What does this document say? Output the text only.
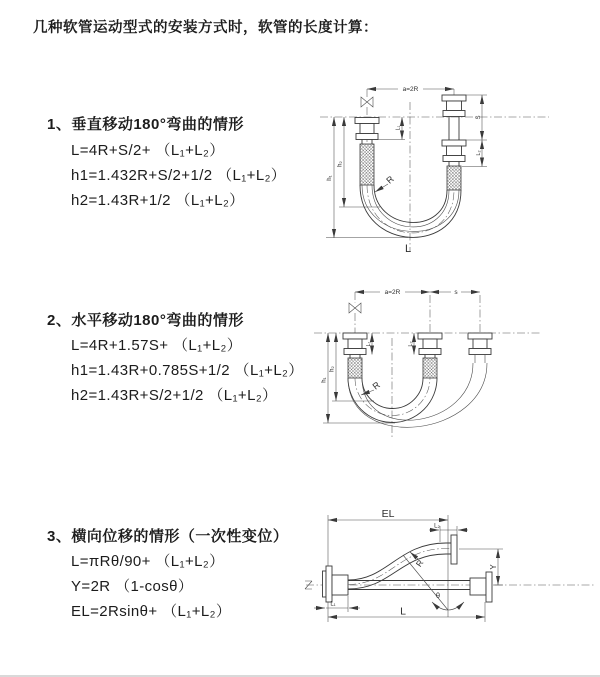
几种软管运动型式的安装方式时，软管的长度计算：
1、垂直移动180°弯曲的情形
L=4R+S/2+ （L₁+L₂）
h1=1.432R+S/2+1/2 （L₁+L₂）
h2=1.43R+1/2 （L₁+L₂）
2、水平移动180°弯曲的情形
L=4R+1.57S+ （L₁+L₂）
h1=1.43R+0.785S+1/2 （L₁+L₂）
h2=1.43R+S/2+1/2 （L₁+L₂）
3、横向位移的情形（一次性变位）
L=πRθ/90+ （L₁+L₂）
Y=2R （1-cosθ）
EL=2Rsinθ+ （L₁+L₂）
a=2R
h₁
h₂
L₁
S
L₂
R
L
a=2R	s
h₁
h₂
L₁	L₂
R
EL
L₂
θ
R	Y
L
L₁
